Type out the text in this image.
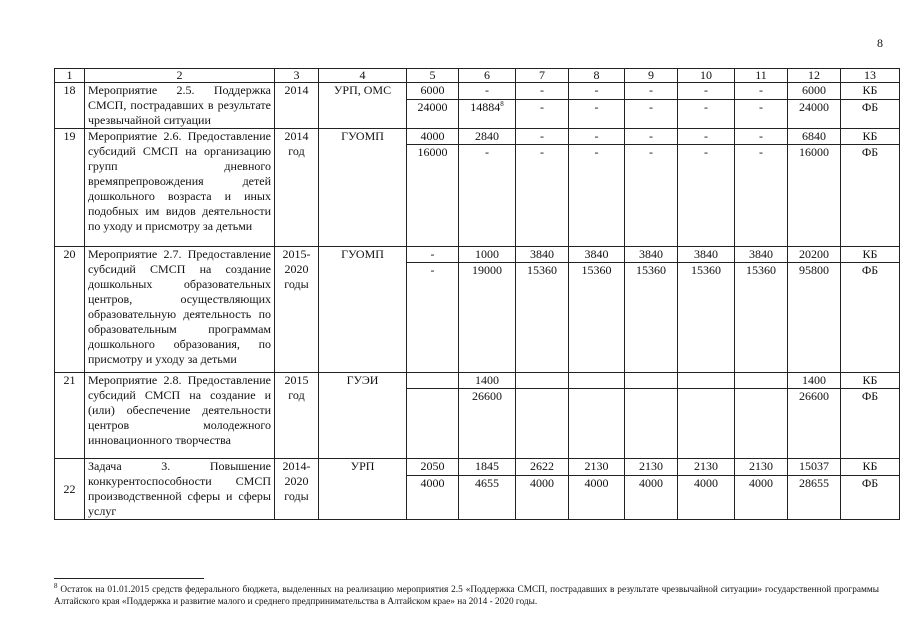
8
1	2	3	4	5	6	7	8	9	10	11	12	13
18	Мероприятие 2.5. Поддержка СМСП, пострадавших в результате чрезвычайной ситуации	2014	УРП, ОМС	6000	-	-	-	-	-	-	6000	КБ
				24000	14884$^8$	-	-	-	-	-	24000	ФБ
19	Мероприятие 2.6. Предоставление субсидий СМСП на организацию групп дневного времяпрепровождения детей дошкольного возраста и иных подобных им видов деятельности по уходу и присмотру за детьми	2014 год	ГУОМП	4000	2840	-	-	-	-	-	6840	КБ
				16000	-	-	-	-	-	-	16000	ФБ
20	Мероприятие 2.7. Предоставление субсидий СМСП на создание дошкольных образовательных центров, осуществляющих образовательную деятельность по образовательным программам дошкольного образования, по присмотру и уходу за детьми	2015-2020 годы	ГУОМП	-	1000	3840	3840	3840	3840	3840	20200	КБ
				-	19000	15360	15360	15360	15360	15360	95800	ФБ
21	Мероприятие 2.8. Предоставление субсидий СМСП на создание и (или) обеспечение деятельности центров молодежного инновационного творчества	2015 год	ГУЭИ		1400						1400	КБ
					26600						26600	ФБ
22	Задача 3. Повышение конкурентоспособности СМСП производственной сферы и сферы услуг	2014-2020 годы	УРП	2050	1845	2622	2130	2130	2130	2130	15037	КБ
				4000	4655	4000	4000	4000	4000	4000	28655	ФБ
$^8$ Остаток на 01.01.2015 средств федерального бюджета, выделенных на реализацию мероприятия 2.5 «Поддержка СМСП, пострадавших в результате чрезвычайной ситуации» государственной программы Алтайского края «Поддержка и развитие малого и среднего предпринимательства в Алтайском крае» на 2014 - 2020 годы.
